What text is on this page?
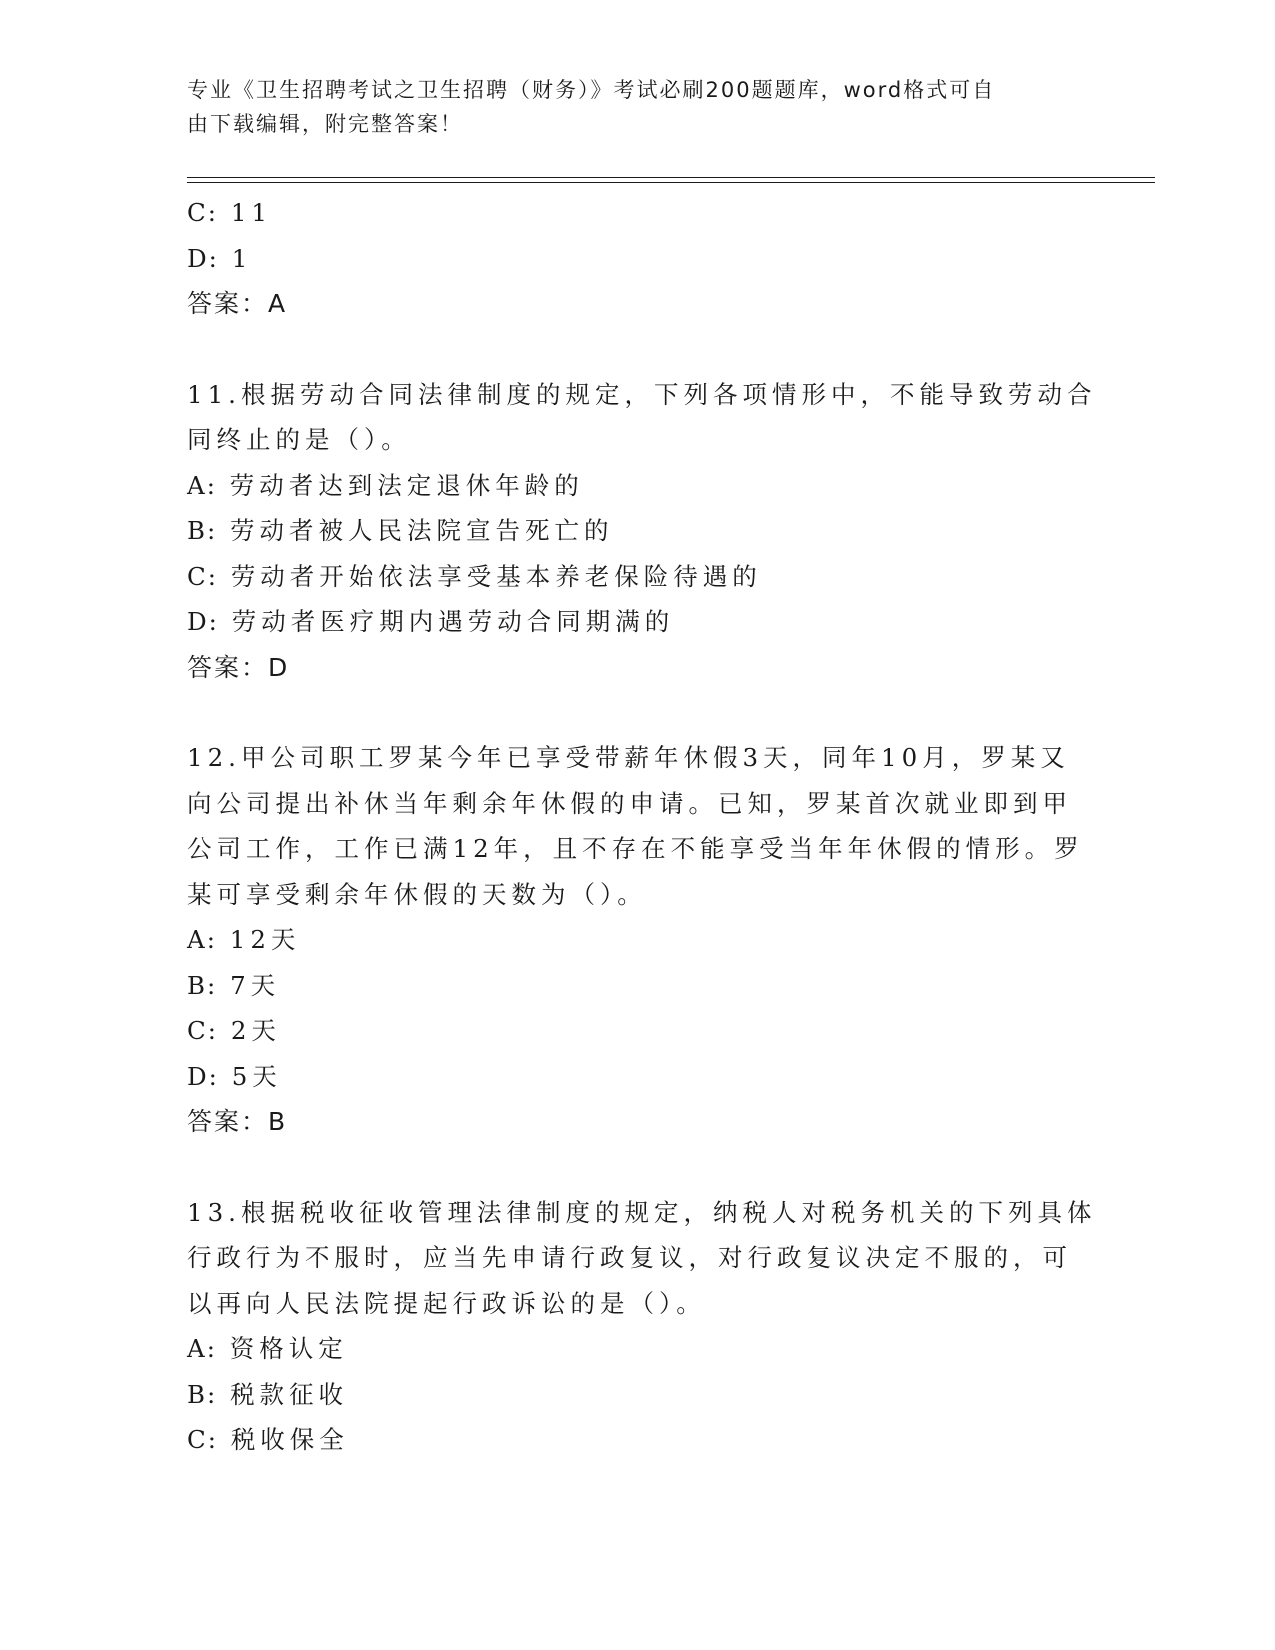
专业《卫生招聘考试之卫生招聘（财务）》考试必刷200题题库，word格式可自
由下载编辑，附完整答案！
C: 11
D: 1
答案：A
11.根据劳动合同法律制度的规定，下列各项情形中，不能导致劳动合
同终止的是（）。
A: 劳动者达到法定退休年龄的
B: 劳动者被人民法院宣告死亡的
C: 劳动者开始依法享受基本养老保险待遇的
D: 劳动者医疗期内遇劳动合同期满的
答案：D
12.甲公司职工罗某今年已享受带薪年休假3天，同年10月，罗某又
向公司提出补休当年剩余年休假的申请。已知，罗某首次就业即到甲
公司工作，工作已满12年，且不存在不能享受当年年休假的情形。罗
某可享受剩余年休假的天数为（）。
A: 12天
B: 7天
C: 2天
D: 5天
答案：B
13.根据税收征收管理法律制度的规定，纳税人对税务机关的下列具体
行政行为不服时，应当先申请行政复议，对行政复议决定不服的，可
以再向人民法院提起行政诉讼的是（）。
A: 资格认定
B: 税款征收
C: 税收保全
